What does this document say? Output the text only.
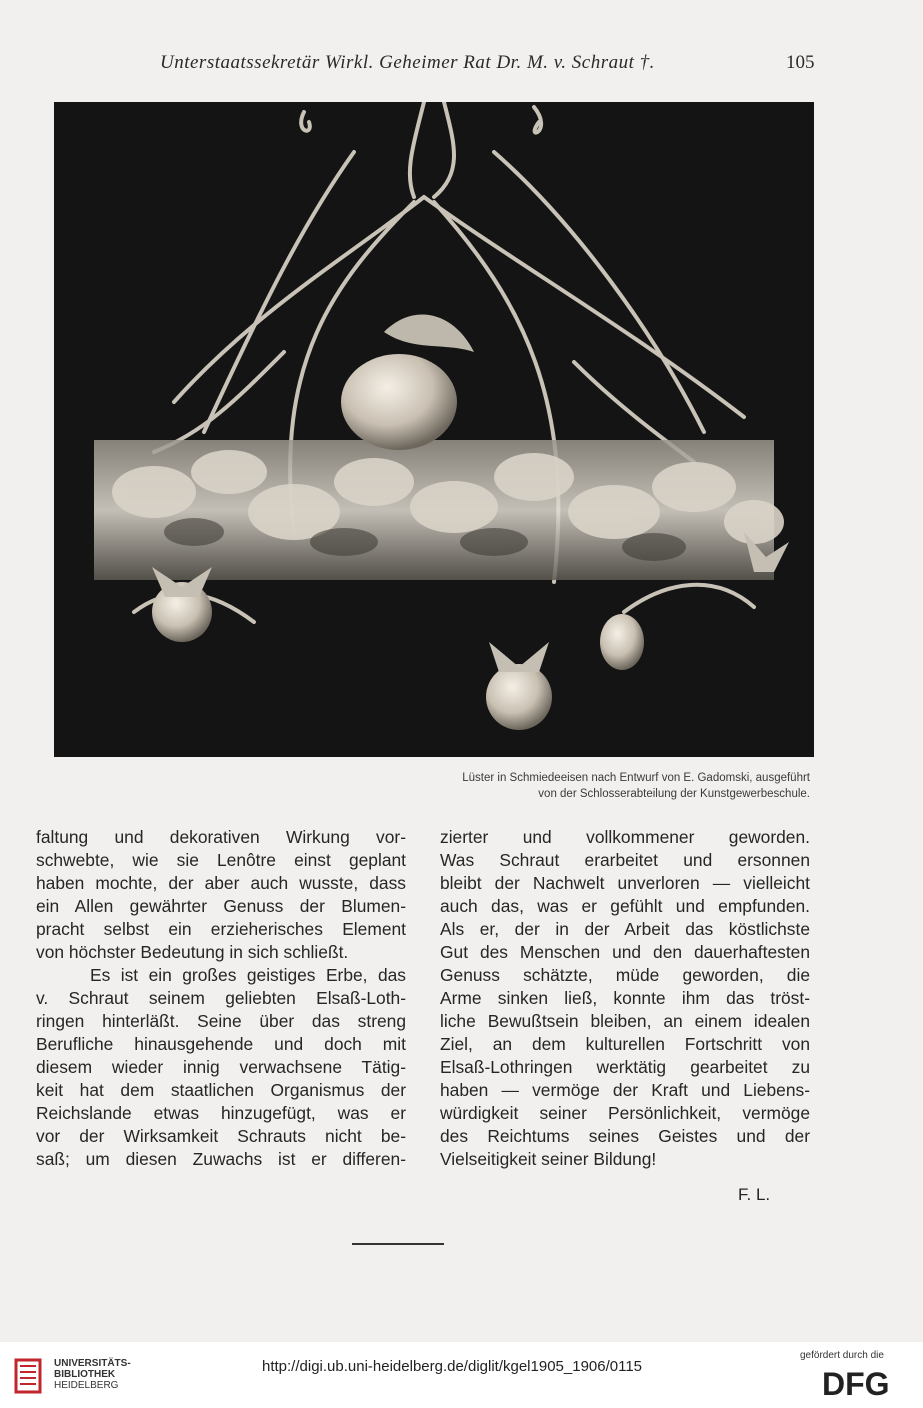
Unterstaatssekretär Wirkl. Geheimer Rat Dr. M. v. Schraut †.	105
Lüster in Schmiedeeisen nach Entwurf von E. Gadomski, ausgeführt
von der Schlosserabteilung der Kunstgewerbeschule.
faltung und dekorativen Wirkung vor-
schwebte, wie sie Lenôtre einst geplant
haben mochte, der aber auch wusste, dass
ein Allen gewährter Genuss der Blumen-
pracht selbst ein erzieherisches Element
von höchster Bedeutung in sich schließt.
Es ist ein großes geistiges Erbe, das
v. Schraut seinem geliebten Elsaß-Loth-
ringen hinterläßt. Seine über das streng
Berufliche hinausgehende und doch mit
diesem wieder innig verwachsene Tätig-
keit hat dem staatlichen Organismus der
Reichslande etwas hinzugefügt, was er
vor der Wirksamkeit Schrauts nicht be-
saß; um diesen Zuwachs ist er differen-
zierter und vollkommener geworden.
Was Schraut erarbeitet und ersonnen
bleibt der Nachwelt unverloren — vielleicht
auch das, was er gefühlt und empfunden.
Als er, der in der Arbeit das köstlichste
Gut des Menschen und den dauerhaftesten
Genuss schätzte, müde geworden, die
Arme sinken ließ, konnte ihm das tröst-
liche Bewußtsein bleiben, an einem idealen
Ziel, an dem kulturellen Fortschritt von
Elsaß-Lothringen werktätig gearbeitet zu
haben — vermöge der Kraft und Liebens-
würdigkeit seiner Persönlichkeit, vermöge
des Reichtums seines Geistes und der
Vielseitigkeit seiner Bildung!
F. L.
UNIVERSITÄTS-
BIBLIOTHEK
HEIDELBERG
http://digi.ub.uni-heidelberg.de/diglit/kgel1905_1906/0115
gefördert durch die
DFG
